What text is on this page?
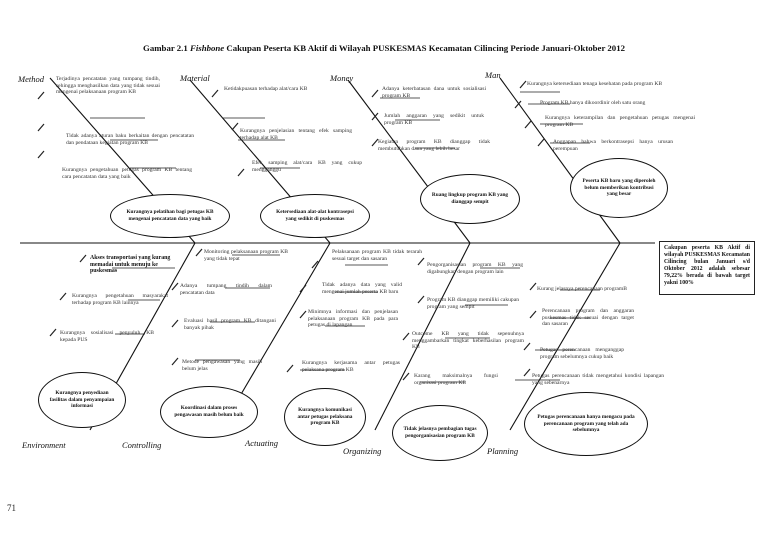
Gambar 2.1 Fishbone Cakupan Peserta KB Aktif di Wilayah PUSKESMAS Kecamatan Cilincing Periode Januari-Oktober 2012
Method	Material	Money	Man
Environment	Controlling	Actuating
Organizing	Planning
Terjadinya pencatatan yang tumpang tindih, sehingga menghasilkan data yang tidak sesuai mengenai pelaksanaan program KB
Tidak adanya aturan baku berkaitan dengan pencatatan dan pendataan kegiatan program KB
Kurangnya pengetahuan petugas program KB tentang cara pencatatan data yang baik
Kurangnya pelatihan bagi petugas KB mengenai pencatatan data yang baik
Ketidakpuasan terhadap alat/cara KB
Kurangnya penjelasian tentang efek samping terhadap alat KB
Efek samping alat/cara KB yang cukup mengganggu
Ketersediaan alat-alat kontrasepsi yang sedikit di puskesmas
Adanya keterbatasan dana untuk sosialisasi program KB
Jumlah anggaran yang sedikit untuk program KB
Kegiatan program KB dianggap tidak membutuhkan dana yang lebih besar
Ruang lingkup program KB yang dianggap sempit
Kurangnya ketersediaan tenaga kesehatan pada program KB
Program KB hanya dikoordinir oleh satu orang
Kurangnya keterampilan dan pengetahuan petugas mengenai program KB
Anggapan bahwa berkontrasepsi hanya urusan perempuan
Peserta KB baru yang diperoleh belum memberikan kontribusi yang besar
Cakupan peserta KB Aktif di wilayah PUSKESMAS Kecamatan Cilincing bulan Januari s/d Oktober 2012 adalah sebesar 79,22% berada di bawah target yakni 100%
Akses transportasi yang kurang memadai untuk menuju ke puskesmas
Kurangnya pengetahuan masyarakat terhadap program KB lainnya
Kurangnya sosialisasi penyuluh KB kepada PUS
Kurangnya penyediaan fasilitas dalam penyampaian informasi
Monitoring pelaksanaan program KB yang tidak tepat
Adanya tumpang tindih dalam pencatatan data
Evaluasi hasil program KB ditangani banyak pihak
Metode pengawasan yang masih belum jelas
Koordinasi dalam proses pengawasan masih belum baik
Pelaksanaan program KB tidak terarah sesuai target dan sasaran
Tidak adanya data yang valid mengenai jumlah peserta KB baru
Minimnya informasi dan penjelasan pelaksanaan program KB pada para petugas di lapangan
Kurangnya kerjasama antar petugas pelaksana program KB
Kurangnya komunikasi antar petugas pelaksana program KB
Pengorganisasian program KB yang digabungkan dengan program lain
Program KB dianggap memiliki cakupan program yang sempit
Outcome KB yang tidak sepenuhnya menggambarkan tingkat keberhasilan program KB
Karang maksimalnya fungsi organisasi program KB
Tidak jelasnya pembagian tugas pengorganisasian program KB
Kurang jelasnya perencanaan programB
Perencanaan program dan anggaran puskesmas tidak sesuai dengan target dan sasaran
Petugas perencanaan menganggap program sebelumnya cukup baik
Petugas perencanaan tidak mengetahui kondisi lapangan yang sebenarnya
Petugas perencanaan hanya mengacu pada perencanaan program yang telah ada sebelumnya
71
